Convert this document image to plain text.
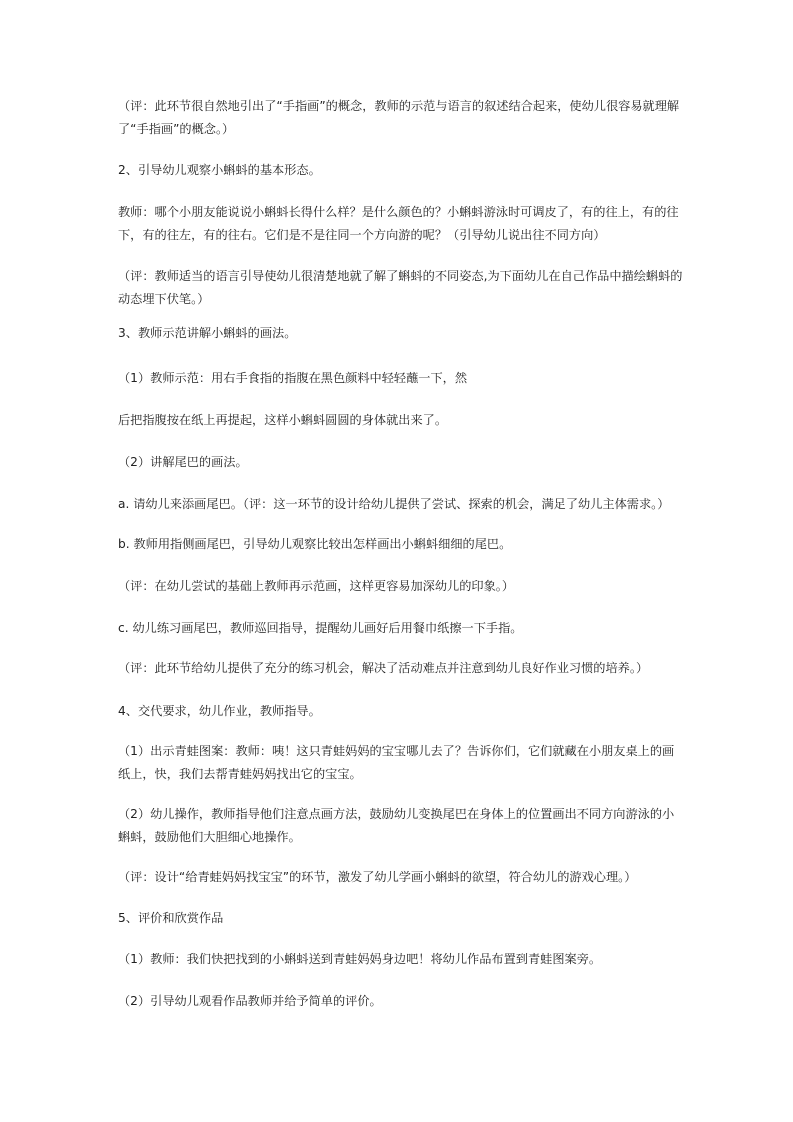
（评：此环节很自然地引出了“手指画”的概念，教师的示范与语言的叙述结合起来，使幼儿很容易就理解了“手指画”的概念。）

2、引导幼儿观察小蝌蚪的基本形态。

教师：哪个小朋友能说说小蝌蚪长得什么样？是什么颜色的？小蝌蚪游泳时可调皮了，有的往上，有的往下，有的往左，有的往右。它们是不是往同一个方向游的呢？（引导幼儿说出往不同方向）

（评：教师适当的语言引导使幼儿很清楚地就了解了蝌蚪的不同姿态,为下面幼儿在自己作品中描绘蝌蚪的动态埋下伏笔。）

3、教师示范讲解小蝌蚪的画法。

（1）教师示范：用右手食指的指腹在黑色颜料中轻轻蘸一下，然

后把指腹按在纸上再提起，这样小蝌蚪圆圆的身体就出来了。

（2）讲解尾巴的画法。

a. 请幼儿来添画尾巴。（评：这一环节的设计给幼儿提供了尝试、探索的机会，满足了幼儿主体需求。）

b. 教师用指侧画尾巴，引导幼儿观察比较出怎样画出小蝌蚪细细的尾巴。

（评：在幼儿尝试的基础上教师再示范画，这样更容易加深幼儿的印象。）

c. 幼儿练习画尾巴，教师巡回指导，提醒幼儿画好后用餐巾纸擦一下手指。

（评：此环节给幼儿提供了充分的练习机会，解决了活动难点并注意到幼儿良好作业习惯的培养。）

4、交代要求，幼儿作业，教师指导。

（1）出示青蛙图案：教师：咦！这只青蛙妈妈的宝宝哪儿去了？告诉你们，它们就藏在小朋友桌上的画纸上，快，我们去帮青蛙妈妈找出它的宝宝。

（2）幼儿操作，教师指导他们注意点画方法，鼓励幼儿变换尾巴在身体上的位置画出不同方向游泳的小蝌蚪，鼓励他们大胆细心地操作。

（评：设计“给青蛙妈妈找宝宝”的环节，激发了幼儿学画小蝌蚪的欲望，符合幼儿的游戏心理。）

5、评价和欣赏作品

（1）教师：我们快把找到的小蝌蚪送到青蛙妈妈身边吧！将幼儿作品布置到青蛙图案旁。

（2）引导幼儿观看作品教师并给予简单的评价。
